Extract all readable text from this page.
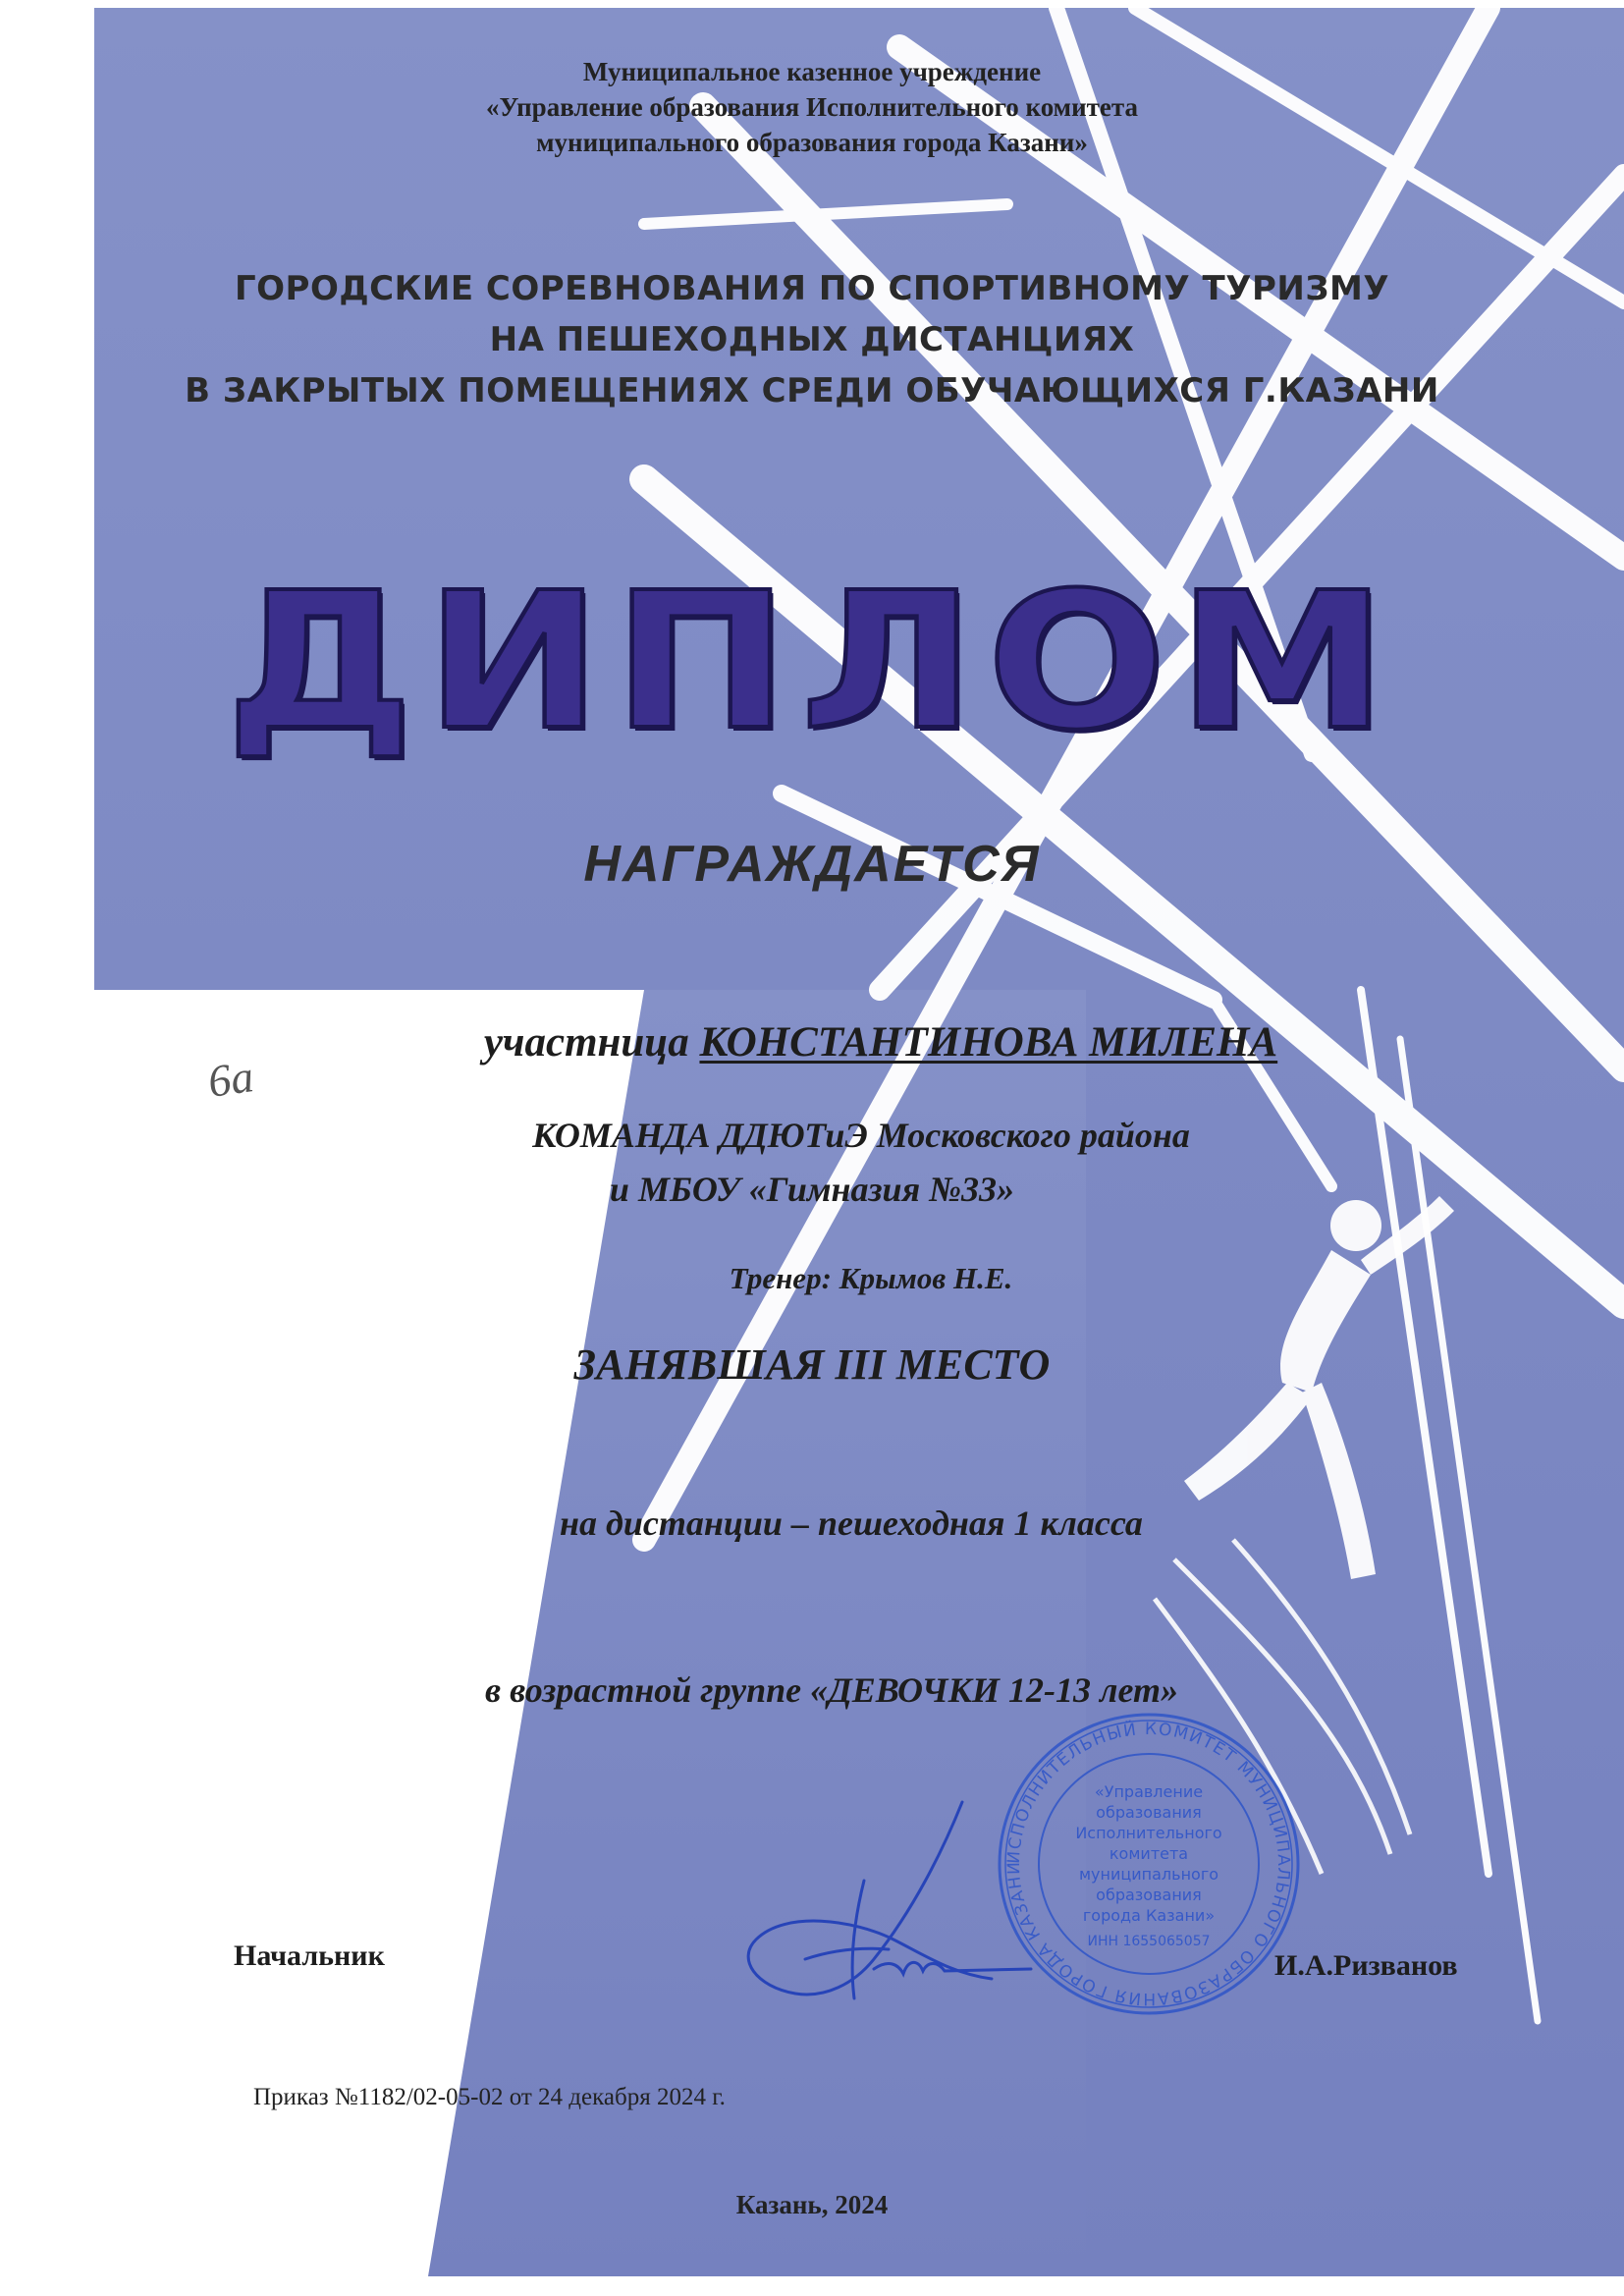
Муниципальное казенное учреждение
«Управление образования Исполнительного комитета
муниципального образования города Казани»
ГОРОДСКИЕ СОРЕВНОВАНИЯ ПО СПОРТИВНОМУ ТУРИЗМУ
НА ПЕШЕХОДНЫХ ДИСТАНЦИЯХ
В ЗАКРЫТЫХ ПОМЕЩЕНИЯХ СРЕДИ ОБУЧАЮЩИХСЯ Г.КАЗАНИ
ДИПЛОМ
НАГРАЖДАЕТСЯ
участница КОНСТАНТИНОВА МИЛЕНА
6а
КОМАНДА ДДЮТиЭ Московского района
и МБОУ «Гимназия №33»
Тренер: Крымов Н.Е.
ЗАНЯВШАЯ III МЕСТО
на дистанции – пешеходная 1 класса
в возрастной группе «ДЕВОЧКИ 12-13 лет»
Начальник	И.А.Ризванов
ИСПОЛНИТЕЛЬНЫЙ КОМИТЕТ МУНИЦИПАЛЬНОГО ОБРАЗОВАНИЯ ГОРОДА КАЗАНИ
«Управление
образования
Исполнительного
комитета
муниципального
образования
города Казани»
ИНН 1655065057
Приказ №1182/02-05-02 от 24 декабря 2024 г.
Казань, 2024
